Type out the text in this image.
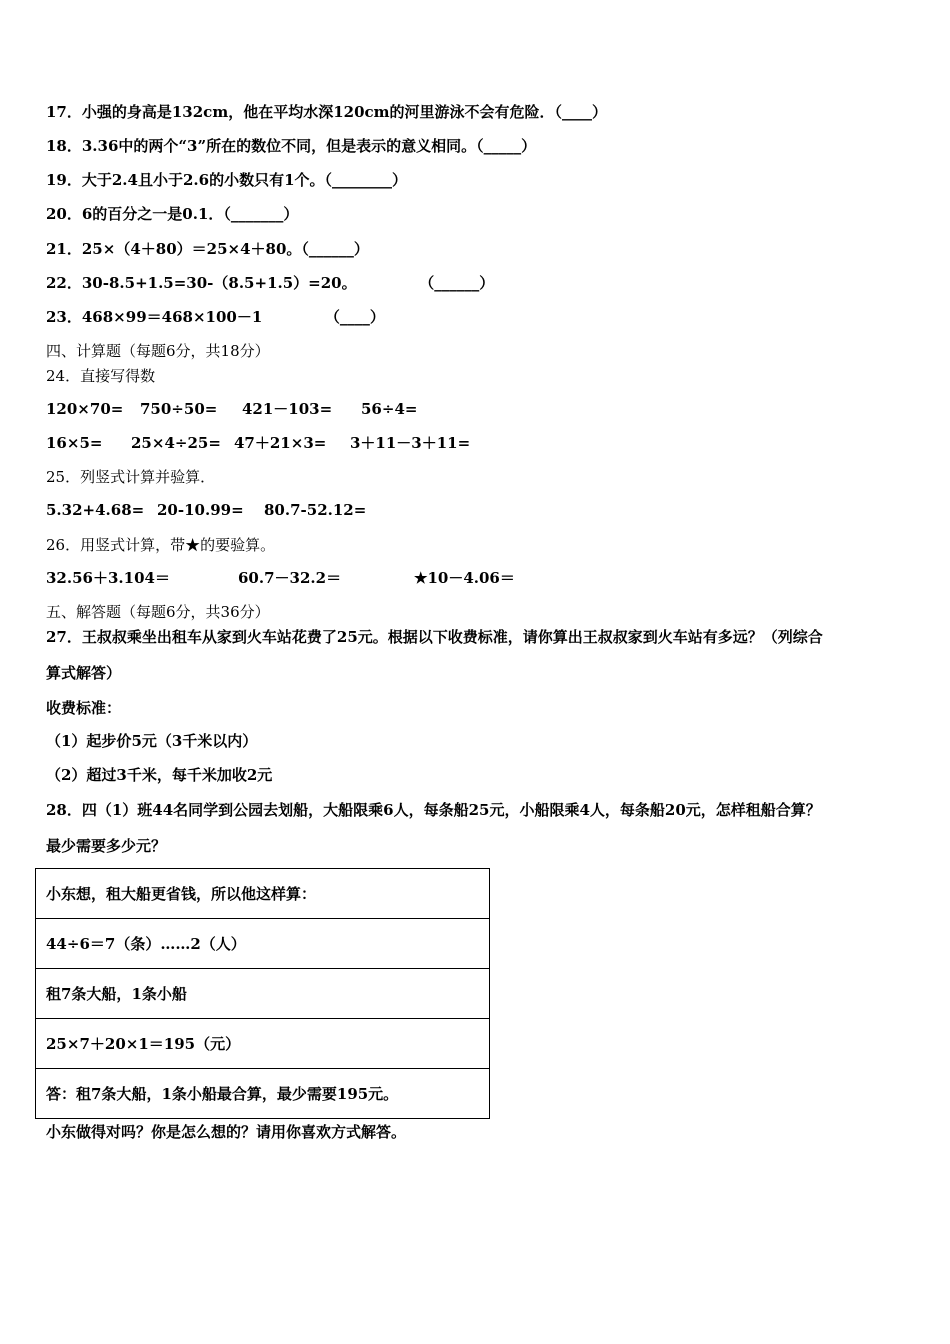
17．小强的身高是132cm，他在平均水深120cm的河里游泳不会有危险．（____）
18．3.36中的两个“3”所在的数位不同，但是表示的意义相同。（_____）
19．大于2.4且小于2.6的小数只有1个。（________）
20．6的百分之一是0.1．（_______）
21．25×（4＋80）＝25×4＋80。（______）
22．30-8.5+1.5=30-（8.5+1.5）=20。            （______）
23．468×99＝468×100－1            （____）
四、计算题（每题6分，共18分）
24．直接写得数
120×70= 750÷50= 421－103= 56÷4=
16×5= 25×4÷25= 47＋21×3= 3＋11－3＋11=
25．列竖式计算并验算．
5.32+4.68= 20-10.99= 80.7-52.12=
26．用竖式计算，带★的要验算。
32.56＋3.104＝	60.7－32.2＝	★10－4.06＝
五、解答题（每题6分，共36分）
27．王叔叔乘坐出租车从家到火车站花费了25元。根据以下收费标准，请你算出王叔叔家到火车站有多远？（列综合
算式解答）
收费标准：
（1）起步价5元（3千米以内）
（2）超过3千米，每千米加收2元
28．四（1）班44名同学到公园去划船，大船限乘6人，每条船25元，小船限乘4人，每条船20元，怎样租船合算？
最少需要多少元？
小东想，租大船更省钱，所以他这样算：
44÷6＝7（条）……2（人）
租7条大船，1条小船
25×7＋20×1＝195（元）
答：租7条大船，1条小船最合算，最少需要195元。
小东做得对吗？你是怎么想的？请用你喜欢方式解答。
